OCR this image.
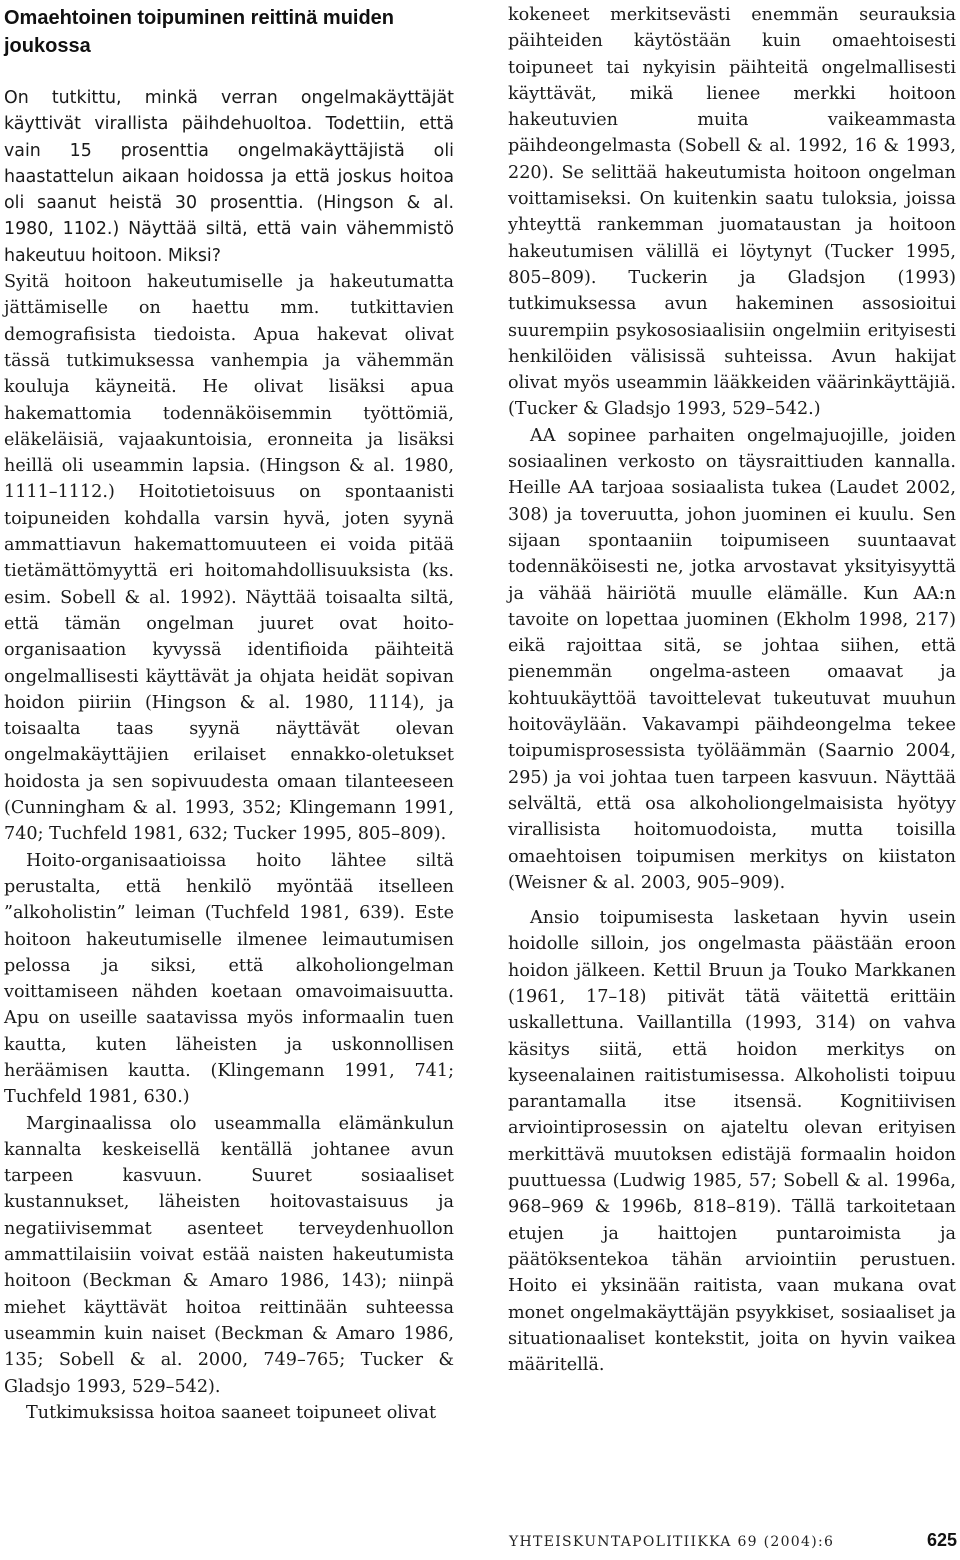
Omaehtoinen toipuminen reittinä muiden joukossa

On tutkittu, minkä verran ongelmakäyttäjät käyttivät virallista päihdehuoltoa. Todettiin, että vain 15 prosenttia ongelmakäyttäjistä oli haastattelun aikaan hoidossa ja että joskus hoitoa oli saanut heistä 30 prosenttia. (Hingson & al. 1980, 1102.) Näyttää siltä, että vain vähemmistö hakeutuu hoitoon. Miksi?

Syitä hoitoon hakeutumiselle ja hakeutumatta jättämiselle on haettu mm. tutkittavien demografisista tiedoista. Apua hakevat olivat tässä tutkimuksessa vanhempia ja vähemmän kouluja käyneitä. He olivat lisäksi apua hakemattomia todennäköisemmin työttömiä, eläkeläisiä, vajaakuntoisia, eronneita ja lisäksi heillä oli useammin lapsia. (Hingson & al. 1980, 1111–1112.) Hoitotietoisuus on spontaanisti toipuneiden kohdalla varsin hyvä, joten syynä ammattiavun hakemattomuuteen ei voida pitää tietämättömyyttä eri hoitomahdollisuuksista (ks. esim. Sobell & al. 1992). Näyttää toisaalta siltä, että tämän ongelman juuret ovat hoito-organisaation kyvyssä identifioida päihteitä ongelmallisesti käyttävät ja ohjata heidät sopivan hoidon piiriin (Hingson & al. 1980, 1114), ja toisaalta taas syynä näyttävät olevan ongelmakäyttäjien erilaiset ennakko-oletukset hoidosta ja sen sopivuudesta omaan tilanteeseen (Cunningham & al. 1993, 352; Klingemann 1991, 740; Tuchfeld 1981, 632; Tucker 1995, 805–809).

Hoito-organisaatioissa hoito lähtee siltä perustalta, että henkilö myöntää itselleen ”alkoholistin” leiman (Tuchfeld 1981, 639). Este hoitoon hakeutumiselle ilmenee leimautumisen pelossa ja siksi, että alkoholiongelman voittamiseen nähden koetaan omavoimaisuutta. Apu on useille saatavissa myös informaalin tuen kautta, kuten läheisten ja uskonnollisen heräämisen kautta. (Klingemann 1991, 741; Tuchfeld 1981, 630.)

Marginaalissa olo useammalla elämänkulun kannalta keskeisellä kentällä johtanee avun tarpeen kasvuun. Suuret sosiaaliset kustannukset, läheisten hoitovastaisuus ja negatiivisemmat asenteet terveydenhuollon ammattilaisiin voivat estää naisten hakeutumista hoitoon (Beckman & Amaro 1986, 143); niinpä miehet käyttävät hoitoa reittinään suhteessa useammin kuin naiset (Beckman & Amaro 1986, 135; Sobell & al. 2000, 749–765; Tucker & Gladsjo 1993, 529–542).

Tutkimuksissa hoitoa saaneet toipuneet olivat

kokeneet merkitsevästi enemmän seurauksia päihteiden käytöstään kuin omaehtoisesti toipuneet tai nykyisin päihteitä ongelmallisesti käyttävät, mikä lienee merkki hoitoon hakeutuvien muita vaikeammasta päihdeongelmasta (Sobell & al. 1992, 16 & 1993, 220). Se selittää hakeutumista hoitoon ongelman voittamiseksi. On kuitenkin saatu tuloksia, joissa yhteyttä rankemman juomataustan ja hoitoon hakeutumisen välillä ei löytynyt (Tucker 1995, 805–809). Tuckerin ja Gladsjon (1993) tutkimuksessa avun hakeminen assosioitui suurempiin psykososiaalisiin ongelmiin erityisesti henkilöiden välisissä suhteissa. Avun hakijat olivat myös useammin lääkkeiden väärinkäyttäjiä. (Tucker & Gladsjo 1993, 529–542.)

AA sopinee parhaiten ongelmajuojille, joiden sosiaalinen verkosto on täysraittiuden kannalla. Heille AA tarjoaa sosiaalista tukea (Laudet 2002, 308) ja toveruutta, johon juominen ei kuulu. Sen sijaan spontaaniin toipumiseen suuntaavat todennäköisesti ne, jotka arvostavat yksityisyyttä ja vähää häiriötä muulle elämälle. Kun AA:n tavoite on lopettaa juominen (Ekholm 1998, 217) eikä rajoittaa sitä, se johtaa siihen, että pienemmän ongelma-asteen omaavat ja kohtuukäyttöä tavoittelevat tukeutuvat muuhun hoitoväylään. Vakavampi päihdeongelma tekee toipumisprosessista työläämmän (Saarnio 2004, 295) ja voi johtaa tuen tarpeen kasvuun. Näyttää selvältä, että osa alkoholiongelmaisista hyötyy virallisista hoitomuodoista, mutta toisilla omaehtoisen toipumisen merkitys on kiistaton (Weisner & al. 2003, 905–909).

Ansio toipumisesta lasketaan hyvin usein hoidolle silloin, jos ongelmasta päästään eroon hoidon jälkeen. Kettil Bruun ja Touko Markkanen (1961, 17–18) pitivät tätä väitettä erittäin uskallettuna. Vaillantilla (1993, 314) on vahva käsitys siitä, että hoidon merkitys on kyseenalainen raitistumisessa. Alkoholisti toipuu parantamalla itse itsensä. Kognitiivisen arviointiprosessin on ajateltu olevan erityisen merkittävä muutoksen edistäjä formaalin hoidon puuttuessa (Ludwig 1985, 57; Sobell & al. 1996a, 968–969 & 1996b, 818–819). Tällä tarkoitetaan etujen ja haittojen puntaroimista ja päätöksentekoa tähän arviointiin perustuen. Hoito ei yksinään raitista, vaan mukana ovat monet ongelmakäyttäjän psyykkiset, sosiaaliset ja situationaaliset kontekstit, joita on hyvin vaikea määritellä.

YHTEISKUNTAPOLITIIKKA 69 (2004):6	625
